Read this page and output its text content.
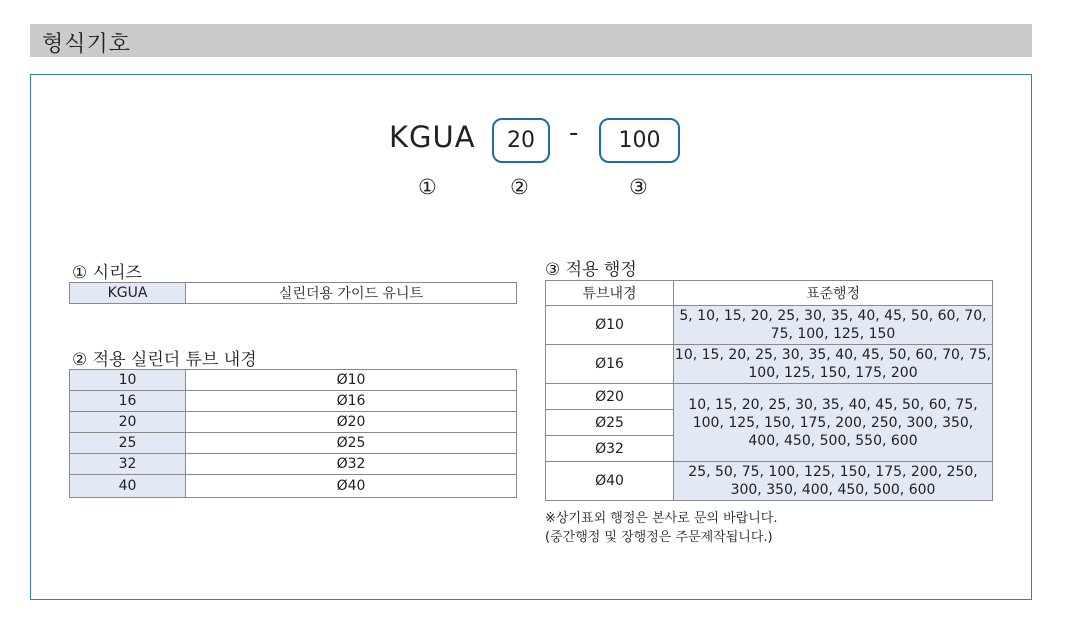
형식기호
KGUA 20 - 100
①	②	③
① 시리즈
KGUA	실린더용 가이드 유니트
② 적용 실린더 튜브 내경
10	Ø10
16	Ø16
20	Ø20
25	Ø25
32	Ø32
40	Ø40
③ 적용 행정
튜브내경	표준행정
Ø10	5, 10, 15, 20, 25, 30, 35, 40, 45, 50, 60, 70, 75, 100, 125, 150
Ø16	10, 15, 20, 25, 30, 35, 40, 45, 50, 60, 70, 75, 100, 125, 150, 175, 200
Ø20	10, 15, 20, 25, 30, 35, 40, 45, 50, 60, 75, 100, 125, 150, 175, 200, 250, 300, 350, 400, 450, 500, 550, 600
Ø25	
Ø32	
Ø40	25, 50, 75, 100, 125, 150, 175, 200, 250, 300, 350, 400, 450, 500, 600
※상기표외 행정은 본사로 문의 바랍니다.
(중간행정 및 장행정은 주문제작됩니다.)
